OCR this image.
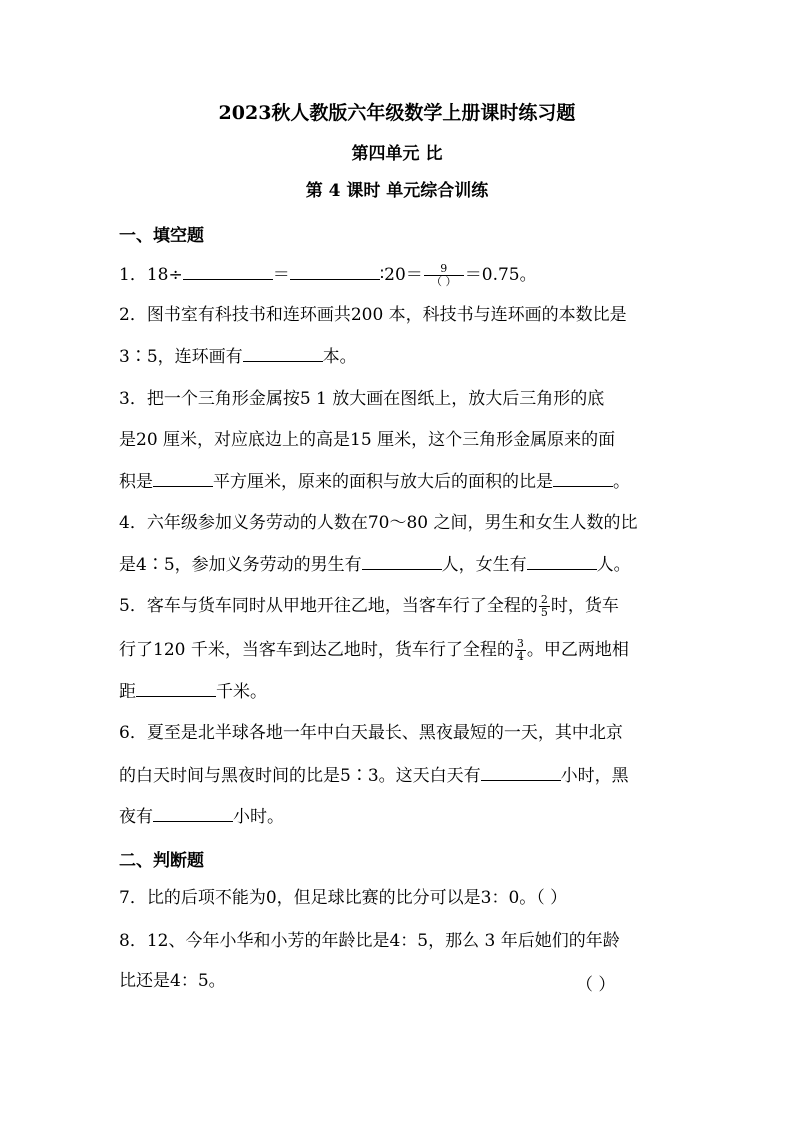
2023秋人教版六年级数学上册课时练习题
第四单元 比
第 4 课时 单元综合训练
一、填空题
1．18÷	＝	∶20＝ $\frac{9}{( )} =0.75$。
2．图书室有科技书和连环画共200 本，科技书与连环画的本数比是
3∶5，连环画有	本。
3．把一个三角形金属按5 1 放大画在图纸上，放大后三角形的底
是20 厘米，对应底边上的高是15 厘米，这个三角形金属原来的面
积是	平方厘米，原来的面积与放大后的面积的比是	。
4．六年级参加义务劳动的人数在70～80 之间，男生和女生人数的比
是4∶5，参加义务劳动的男生有	人，女生有	人。
5．客车与货车同时从甲地开往乙地，当客车行了全程的 $\frac{2}{5}$ 时，货车
行了120 千米，当客车到达乙地时，货车行了全程的 $\frac{3}{4}$ 。甲乙两地相
距	千米。
6．夏至是北半球各地一年中白天最长、黑夜最短的一天，其中北京
的白天时间与黑夜时间的比是5∶3。这天白天有	小时，黑
夜有	小时。
二、判断题
7．比的后项不能为0，但足球比赛的比分可以是3：0。（ ）
8．12、今年小华和小芳的年龄比是4：5，那么 3 年后她们的年龄
比还是4：5。	（ ）
